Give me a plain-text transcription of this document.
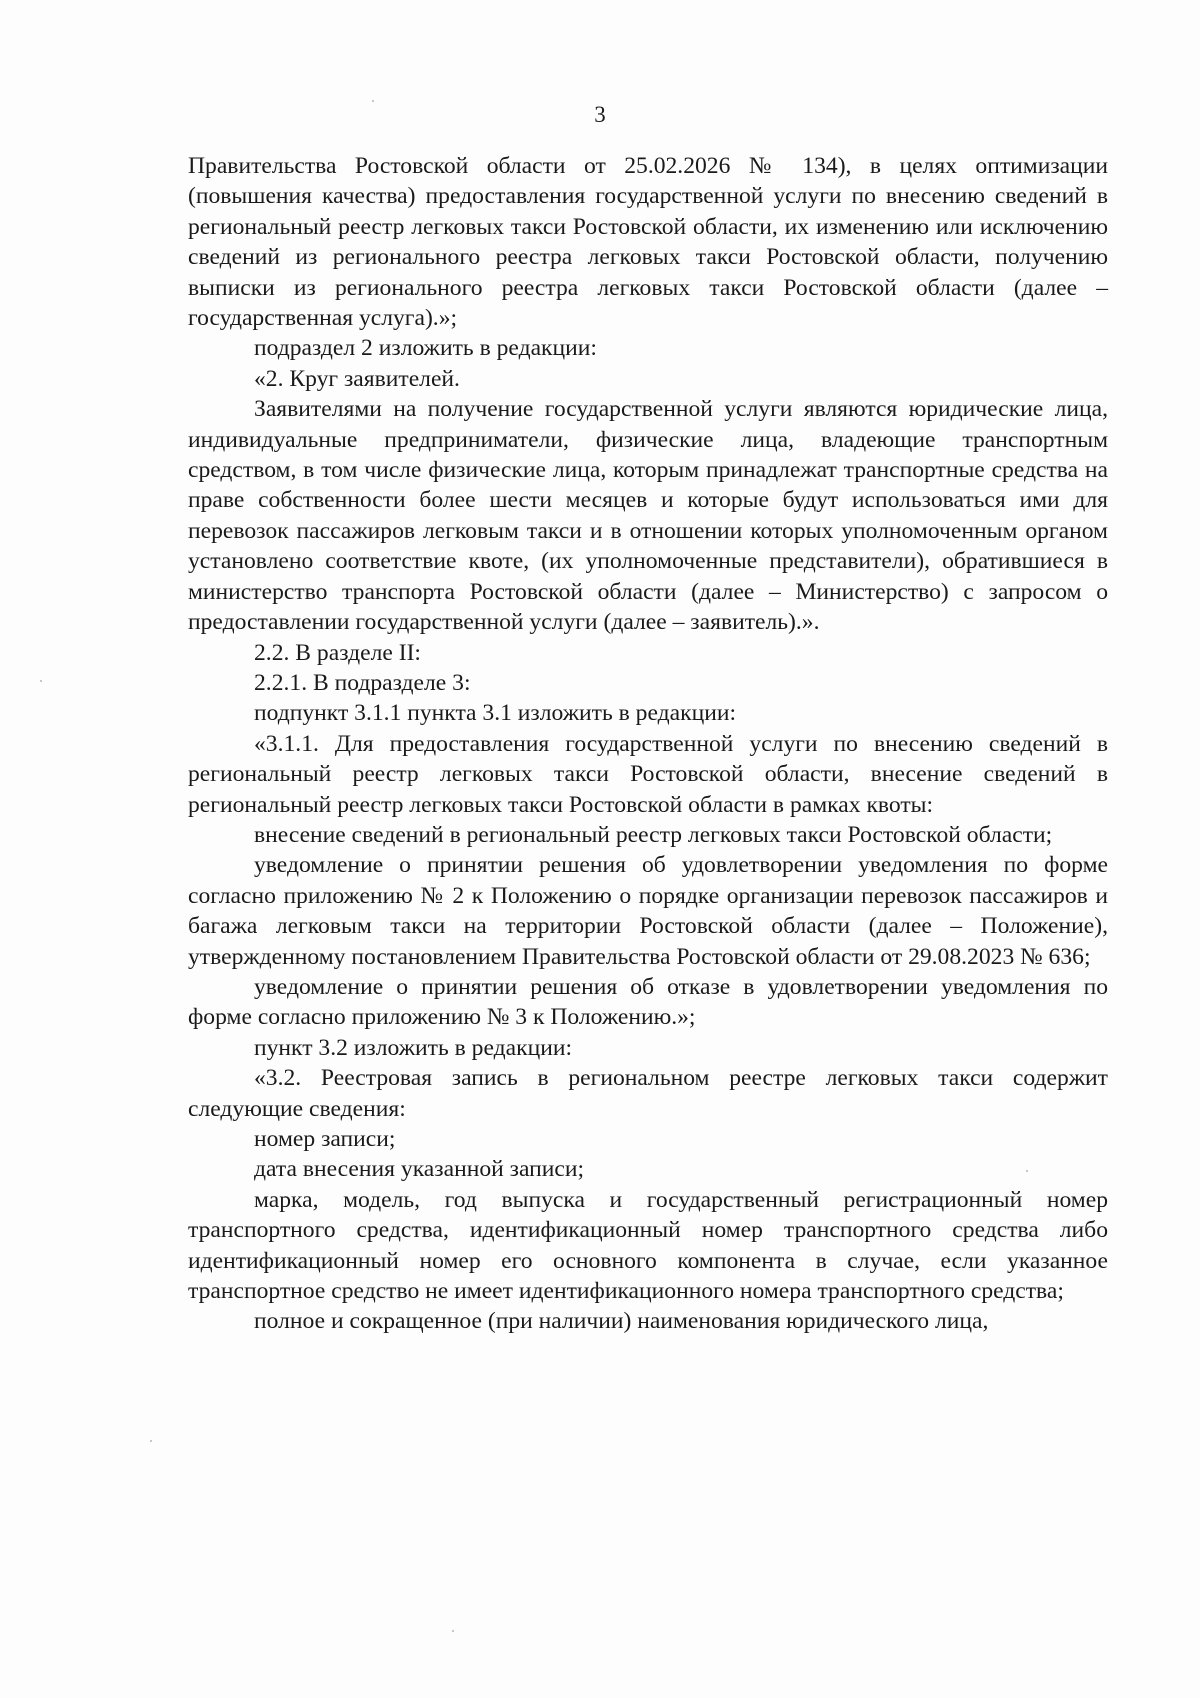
3

Правительства Ростовской области от 25.02.2026 № 134), в целях оптимизации (повышения качества) предоставления государственной услуги по внесению сведений в региональный реестр легковых такси Ростовской области, их изменению или исключению сведений из регионального реестра легковых такси Ростовской области, получению выписки из регионального реестра легковых такси Ростовской области (далее – государственная услуга).»;

подраздел 2 изложить в редакции:

«2. Круг заявителей.

Заявителями на получение государственной услуги являются юридические лица, индивидуальные предприниматели, физические лица, владеющие транспортным средством, в том числе физические лица, которым принадлежат транспортные средства на праве собственности более шести месяцев и которые будут использоваться ими для перевозок пассажиров легковым такси и в отношении которых уполномоченным органом установлено соответствие квоте, (их уполномоченные представители), обратившиеся в министерство транспорта Ростовской области (далее – Министерство) с запросом о предоставлении государственной услуги (далее – заявитель).».

2.2. В разделе II:

2.2.1. В подразделе 3:

подпункт 3.1.1 пункта 3.1 изложить в редакции:

«3.1.1. Для предоставления государственной услуги по внесению сведений в региональный реестр легковых такси Ростовской области, внесение сведений в региональный реестр легковых такси Ростовской области в рамках квоты:

внесение сведений в региональный реестр легковых такси Ростовской области;

уведомление о принятии решения об удовлетворении уведомления по форме согласно приложению № 2 к Положению о порядке организации перевозок пассажиров и багажа легковым такси на территории Ростовской области (далее – Положение), утвержденному постановлением Правительства Ростовской области от 29.08.2023 № 636;

уведомление о принятии решения об отказе в удовлетворении уведомления по форме согласно приложению № 3 к Положению.»;

пункт 3.2 изложить в редакции:

«3.2. Реестровая запись в региональном реестре легковых такси содержит следующие сведения:

номер записи;

дата внесения указанной записи;

марка, модель, год выпуска и государственный регистрационный номер транспортного средства, идентификационный номер транспортного средства либо идентификационный номер его основного компонента в случае, если указанное транспортное средство не имеет идентификационного номера транспортного средства;

полное и сокращенное (при наличии) наименования юридического лица,
